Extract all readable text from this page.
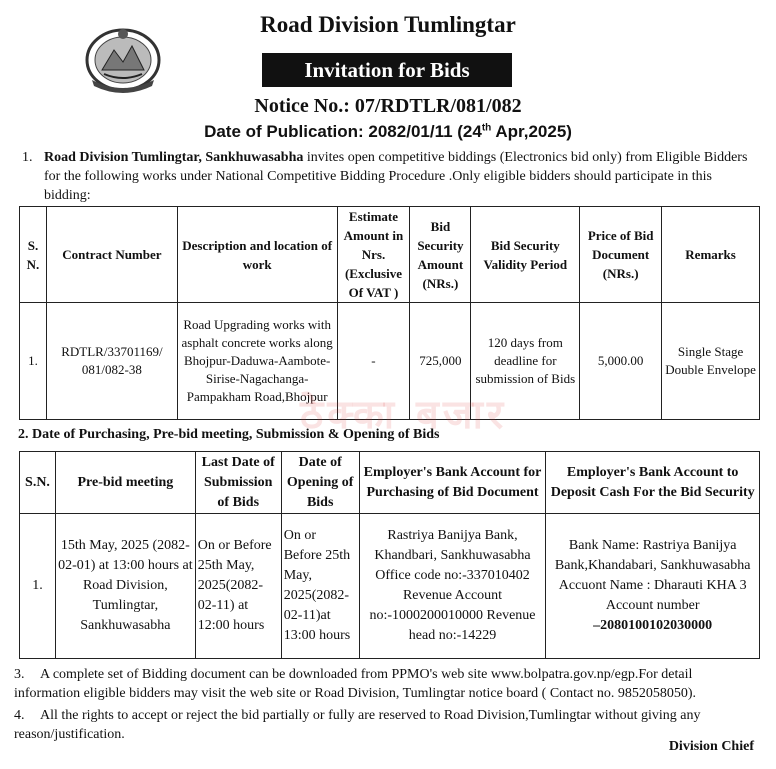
Road Division Tumlingtar
Invitation for Bids
Notice No.: 07/RDTLR/081/082
Date of Publication: 2082/01/11 (24th Apr,2025)
1. Road Division Tumlingtar, Sankhuwasabha invites open competitive biddings (Electronics bid only) from Eligible Bidders for the following works under National Competitive Bidding Procedure .Only eligible bidders should participate in this bidding:
S. N.	Contract Number	Description and location of work	Estimate Amount in Nrs. (Exclusive Of VAT )	Bid Security Amount (NRs.)	Bid Security Validity Period	Price of Bid Document (NRs.)	Remarks
1.	RDTLR/33701169/ 081/082-38	Road Upgrading works with asphalt concrete works along Bhojpur-Daduwa-Aambote-Sirise-Nagachanga-Pampakham Road,Bhojpur	-	725,000	120 days from deadline for submission of Bids	5,000.00	Single Stage Double Envelope
ठेक्का बजार
2. Date of Purchasing, Pre-bid meeting, Submission & Opening of Bids
S.N.	Pre-bid meeting	Last Date of Submission of Bids	Date of Opening of Bids	Employer's Bank Account for Purchasing of Bid Document	Employer's Bank Account to Deposit Cash For the Bid Security
1.	15th May, 2025 (2082-02-01) at 13:00 hours at Road Division, Tumlingtar, Sankhuwasabha	On or Before 25th May, 2025(2082-02-11) at 12:00 hours	On or Before 25th May, 2025(2082-02-11)at 13:00 hours	Rastriya Banijya Bank, Khandbari, Sankhuwasabha Office code no:-337010402 Revenue Account no:-1000200010000 Revenue head no:-14229	Bank Name: Rastriya Banijya Bank,Khandabari, Sankhuwasabha Accuont Name : Dharauti KHA 3 Account number
–2080100102030000
3. A complete set of Bidding document can be downloaded from PPMO's web site www.bolpatra.gov.np/egp.For detail information eligible bidders may visit the web site or Road Division, Tumlingtar notice board ( Contact no. 9852058050).
4. All the rights to accept or reject the bid partially or fully are reserved to Road Division,Tumlingtar without giving any reason/justification.
Division Chief
